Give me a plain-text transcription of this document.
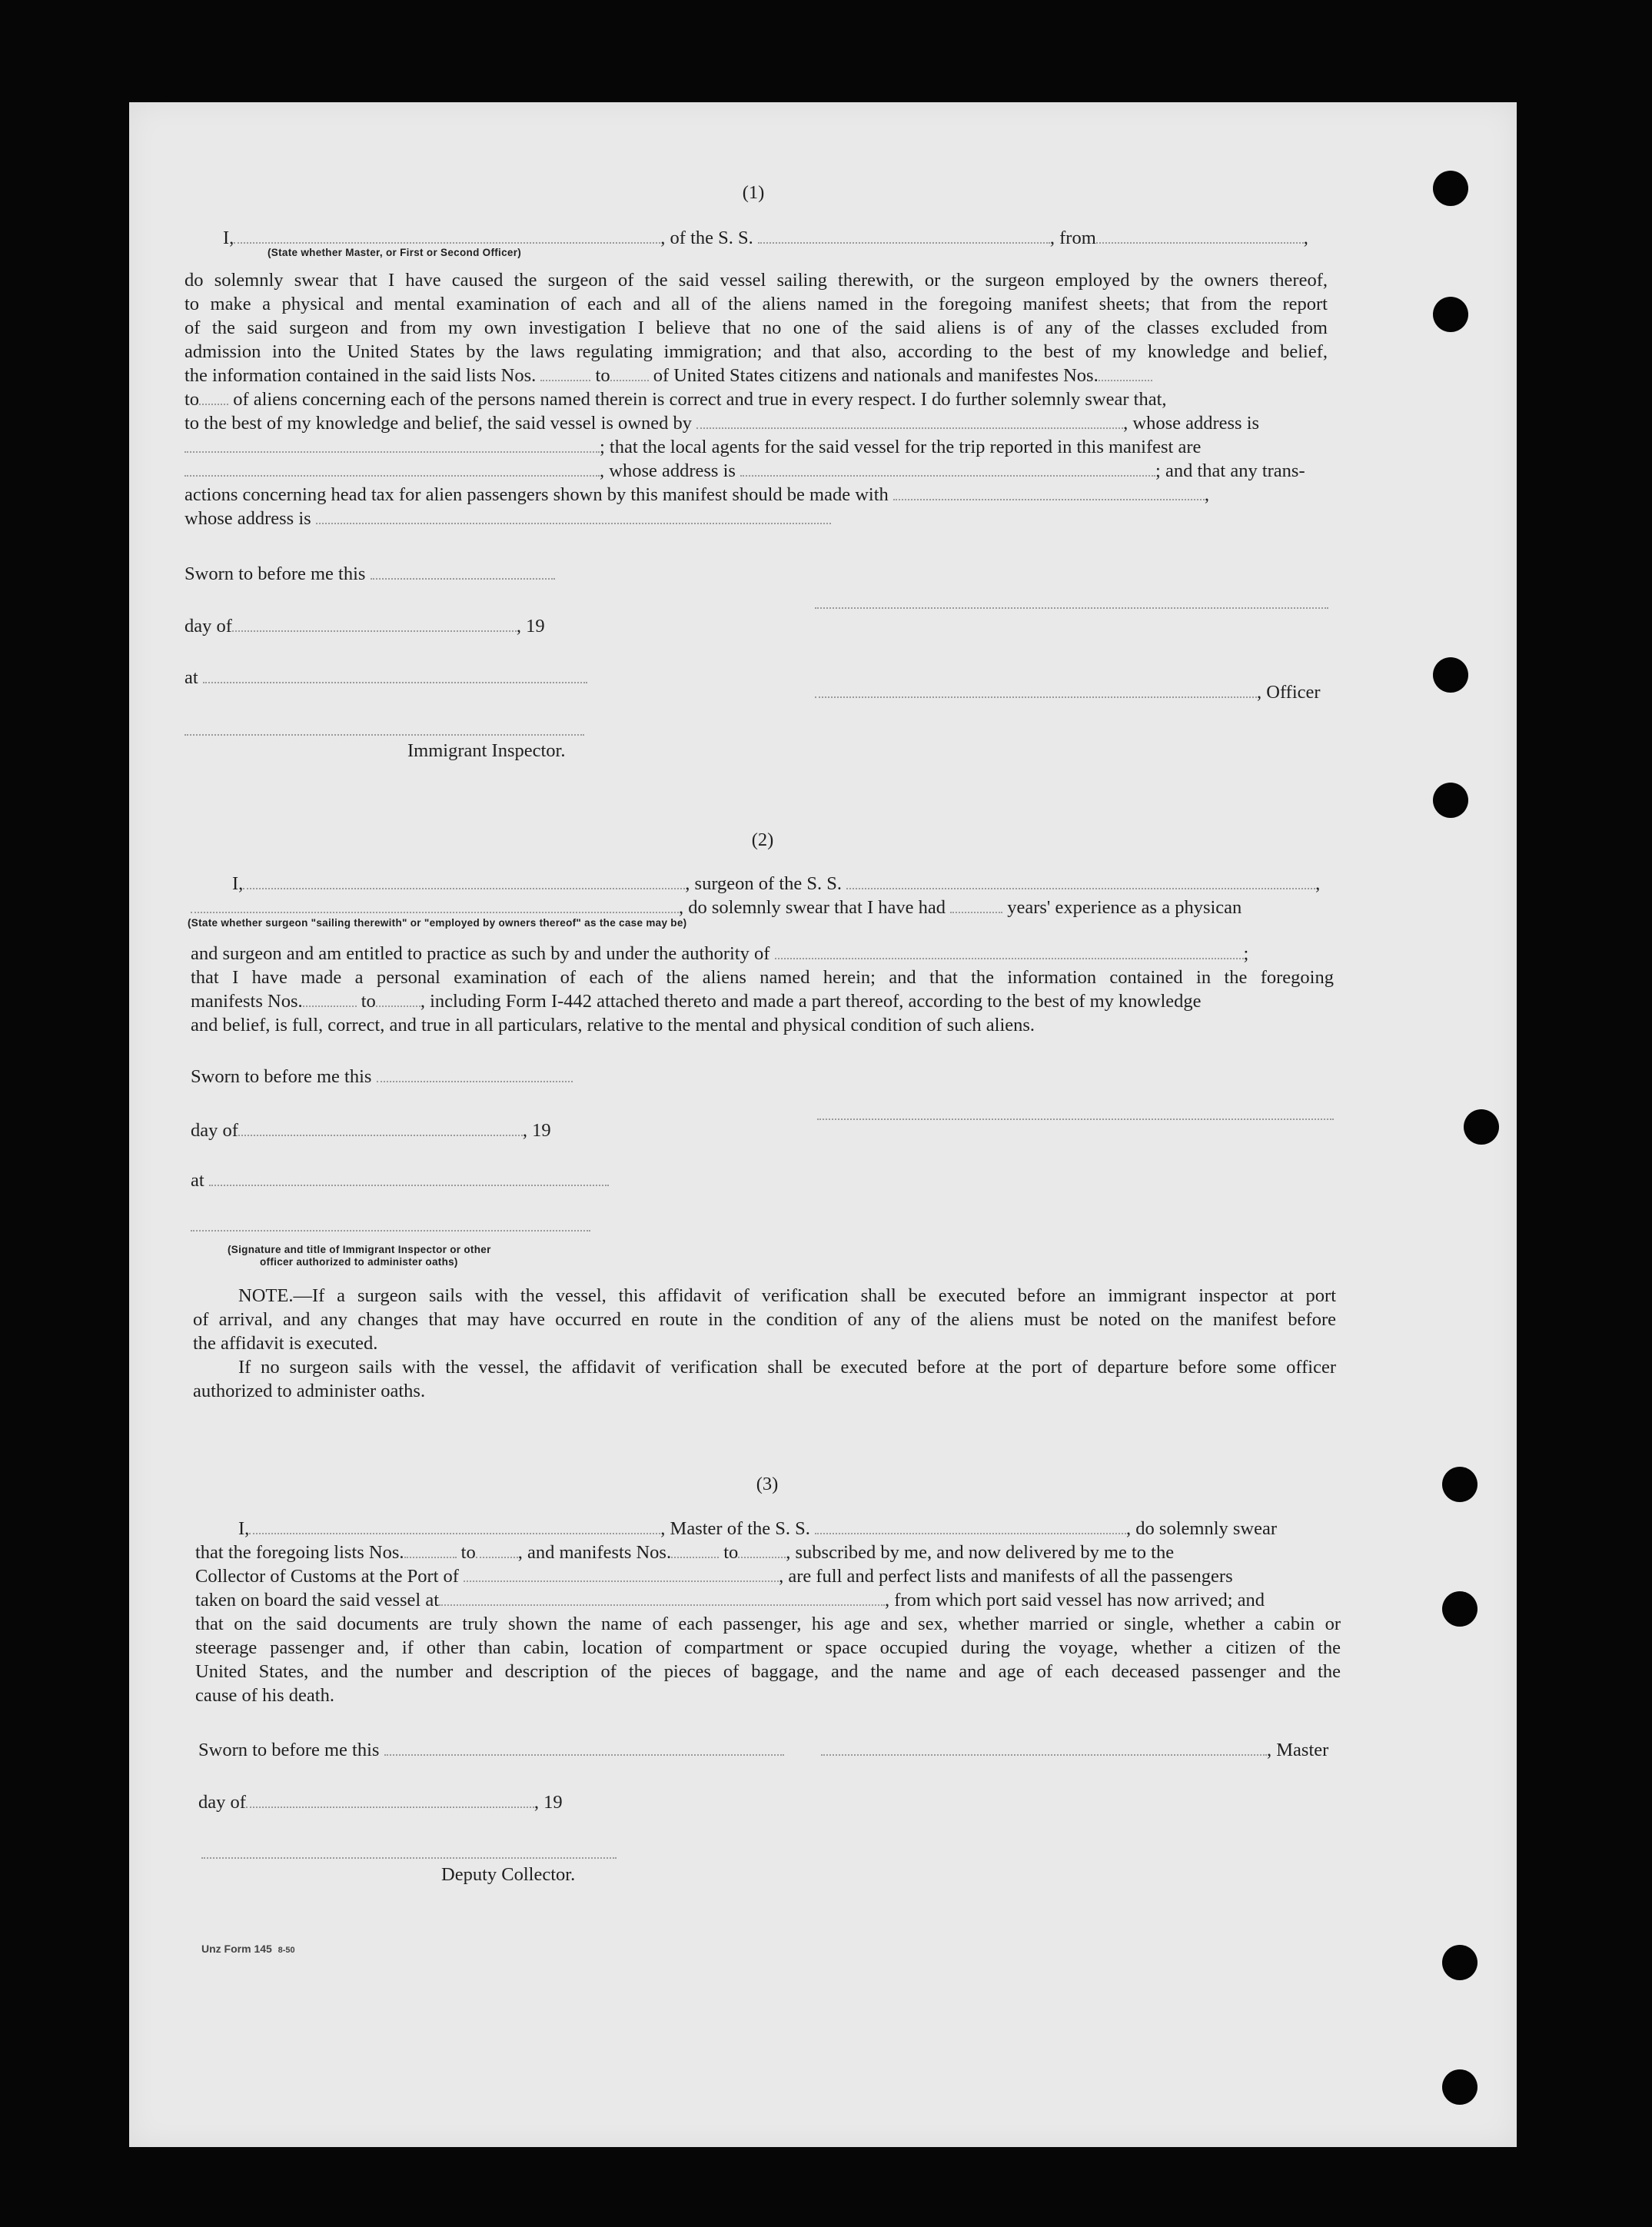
(1)
I,	, of the S. S.	, from	,
(State whether Master, or First or Second Officer)
do solemnly swear that I have caused the surgeon of the said vessel sailing therewith, or the surgeon employed by the owners thereof,
to make a physical and mental examination of each and all of the aliens named in the foregoing manifest sheets; that from the report
of the said surgeon and from my own investigation I believe that no one of the said aliens is of any of the classes excluded from
admission into the United States by the laws regulating immigration; and that also, according to the best of my knowledge and belief,
the information contained in the said lists Nos.	to of United States citizens and nationals and manifestes Nos.
to of aliens concerning each of the persons named therein is correct and true in every respect. I do further solemnly swear that,
to the best of my knowledge and belief, the said vessel is owned by	, whose address is
; that the local agents for the said vessel for the trip reported in this manifest are
, whose address is	; and that any trans-
actions concerning head tax for alien passengers shown by this manifest should be made with	,
whose address is
Sworn to before me this
day of	, 19
at
, Officer
Immigrant Inspector.
(2)
I,	, surgeon of the S. S.	,
, do solemnly swear that I have had	years' experience as a physican
(State whether surgeon "sailing therewith" or "employed by owners thereof" as the case may be)
and surgeon and am entitled to practice as such by and under the authority of	;
that I have made a personal examination of each of the aliens named herein; and that the information contained in the foregoing
manifests Nos.	to , including Form I-442 attached thereto and made a part thereof, according to the best of my knowledge
and belief, is full, correct, and true in all particulars, relative to the mental and physical condition of such aliens.
Sworn to before me this
day of	, 19
at
(Signature and title of Immigrant Inspector or other
officer authorized to administer oaths)
NOTE.—If a surgeon sails with the vessel, this affidavit of verification shall be executed before an immigrant inspector at port
of arrival, and any changes that may have occurred en route in the condition of any of the aliens must be noted on the manifest before
the affidavit is executed.
If no surgeon sails with the vessel, the affidavit of verification shall be executed before at the port of departure before some officer
authorized to administer oaths.
(3)
I,	, Master of the S. S.	, do solemnly swear
that the foregoing lists Nos.	to , and manifests Nos.	to	, subscribed by me, and now delivered by me to the
Collector of Customs at the Port of	, are full and perfect lists and manifests of all the passengers
taken on board the said vessel at	, from which port said vessel has now arrived; and
that on the said documents are truly shown the name of each passenger, his age and sex, whether married or single, whether a cabin or
steerage passenger and, if other than cabin, location of compartment or space occupied during the voyage, whether a citizen of the
United States, and the number and description of the pieces of baggage, and the name and age of each deceased passenger and the
cause of his death.
Sworn to before me this	, Master
day of	, 19
Deputy Collector.
Unz Form 145 8-50
